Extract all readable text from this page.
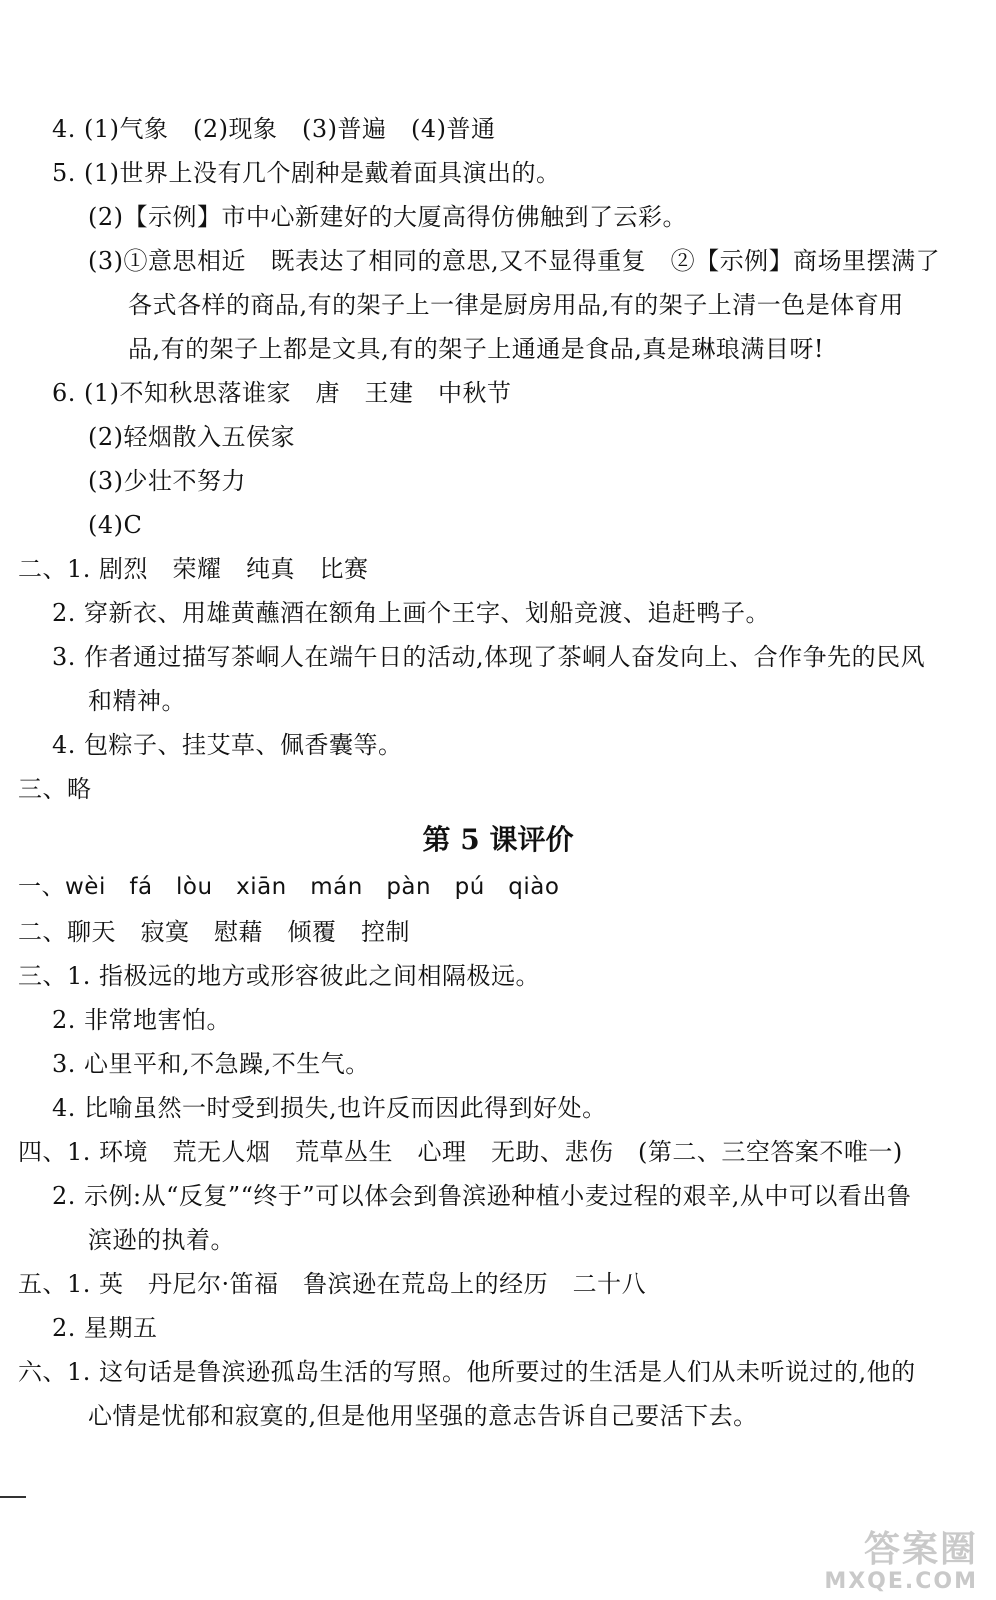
4. (1)气象　(2)现象　(3)普遍　(4)普通
5. (1)世界上没有几个剧种是戴着面具演出的。
(2)【示例】市中心新建好的大厦高得仿佛触到了云彩。
(3)①意思相近　既表达了相同的意思,又不显得重复　②【示例】商场里摆满了
各式各样的商品,有的架子上一律是厨房用品,有的架子上清一色是体育用
品,有的架子上都是文具,有的架子上通通是食品,真是琳琅满目呀!
6. (1)不知秋思落谁家　唐　王建　中秋节
(2)轻烟散入五侯家
(3)少壮不努力
(4)C
二、1. 剧烈　荣耀　纯真　比赛
2. 穿新衣、用雄黄蘸酒在额角上画个王字、划船竞渡、追赶鸭子。
3. 作者通过描写茶峒人在端午日的活动,体现了茶峒人奋发向上、合作争先的民风
和精神。
4. 包粽子、挂艾草、佩香囊等。
三、略
第 5 课评价
一、wèi　fá　lòu　xiān　mán　pàn　pú　qiào
二、聊天　寂寞　慰藉　倾覆　控制
三、1. 指极远的地方或形容彼此之间相隔极远。
2. 非常地害怕。
3. 心里平和,不急躁,不生气。
4. 比喻虽然一时受到损失,也许反而因此得到好处。
四、1. 环境　荒无人烟　荒草丛生　心理　无助、悲伤　(第二、三空答案不唯一)
2. 示例:从“反复”“终于”可以体会到鲁滨逊种植小麦过程的艰辛,从中可以看出鲁
滨逊的执着。
五、1. 英　丹尼尔·笛福　鲁滨逊在荒岛上的经历　二十八
2. 星期五
六、1. 这句话是鲁滨逊孤岛生活的写照。他所要过的生活是人们从未听说过的,他的
心情是忧郁和寂寞的,但是他用坚强的意志告诉自己要活下去。
答案圈
MXQE.COM
